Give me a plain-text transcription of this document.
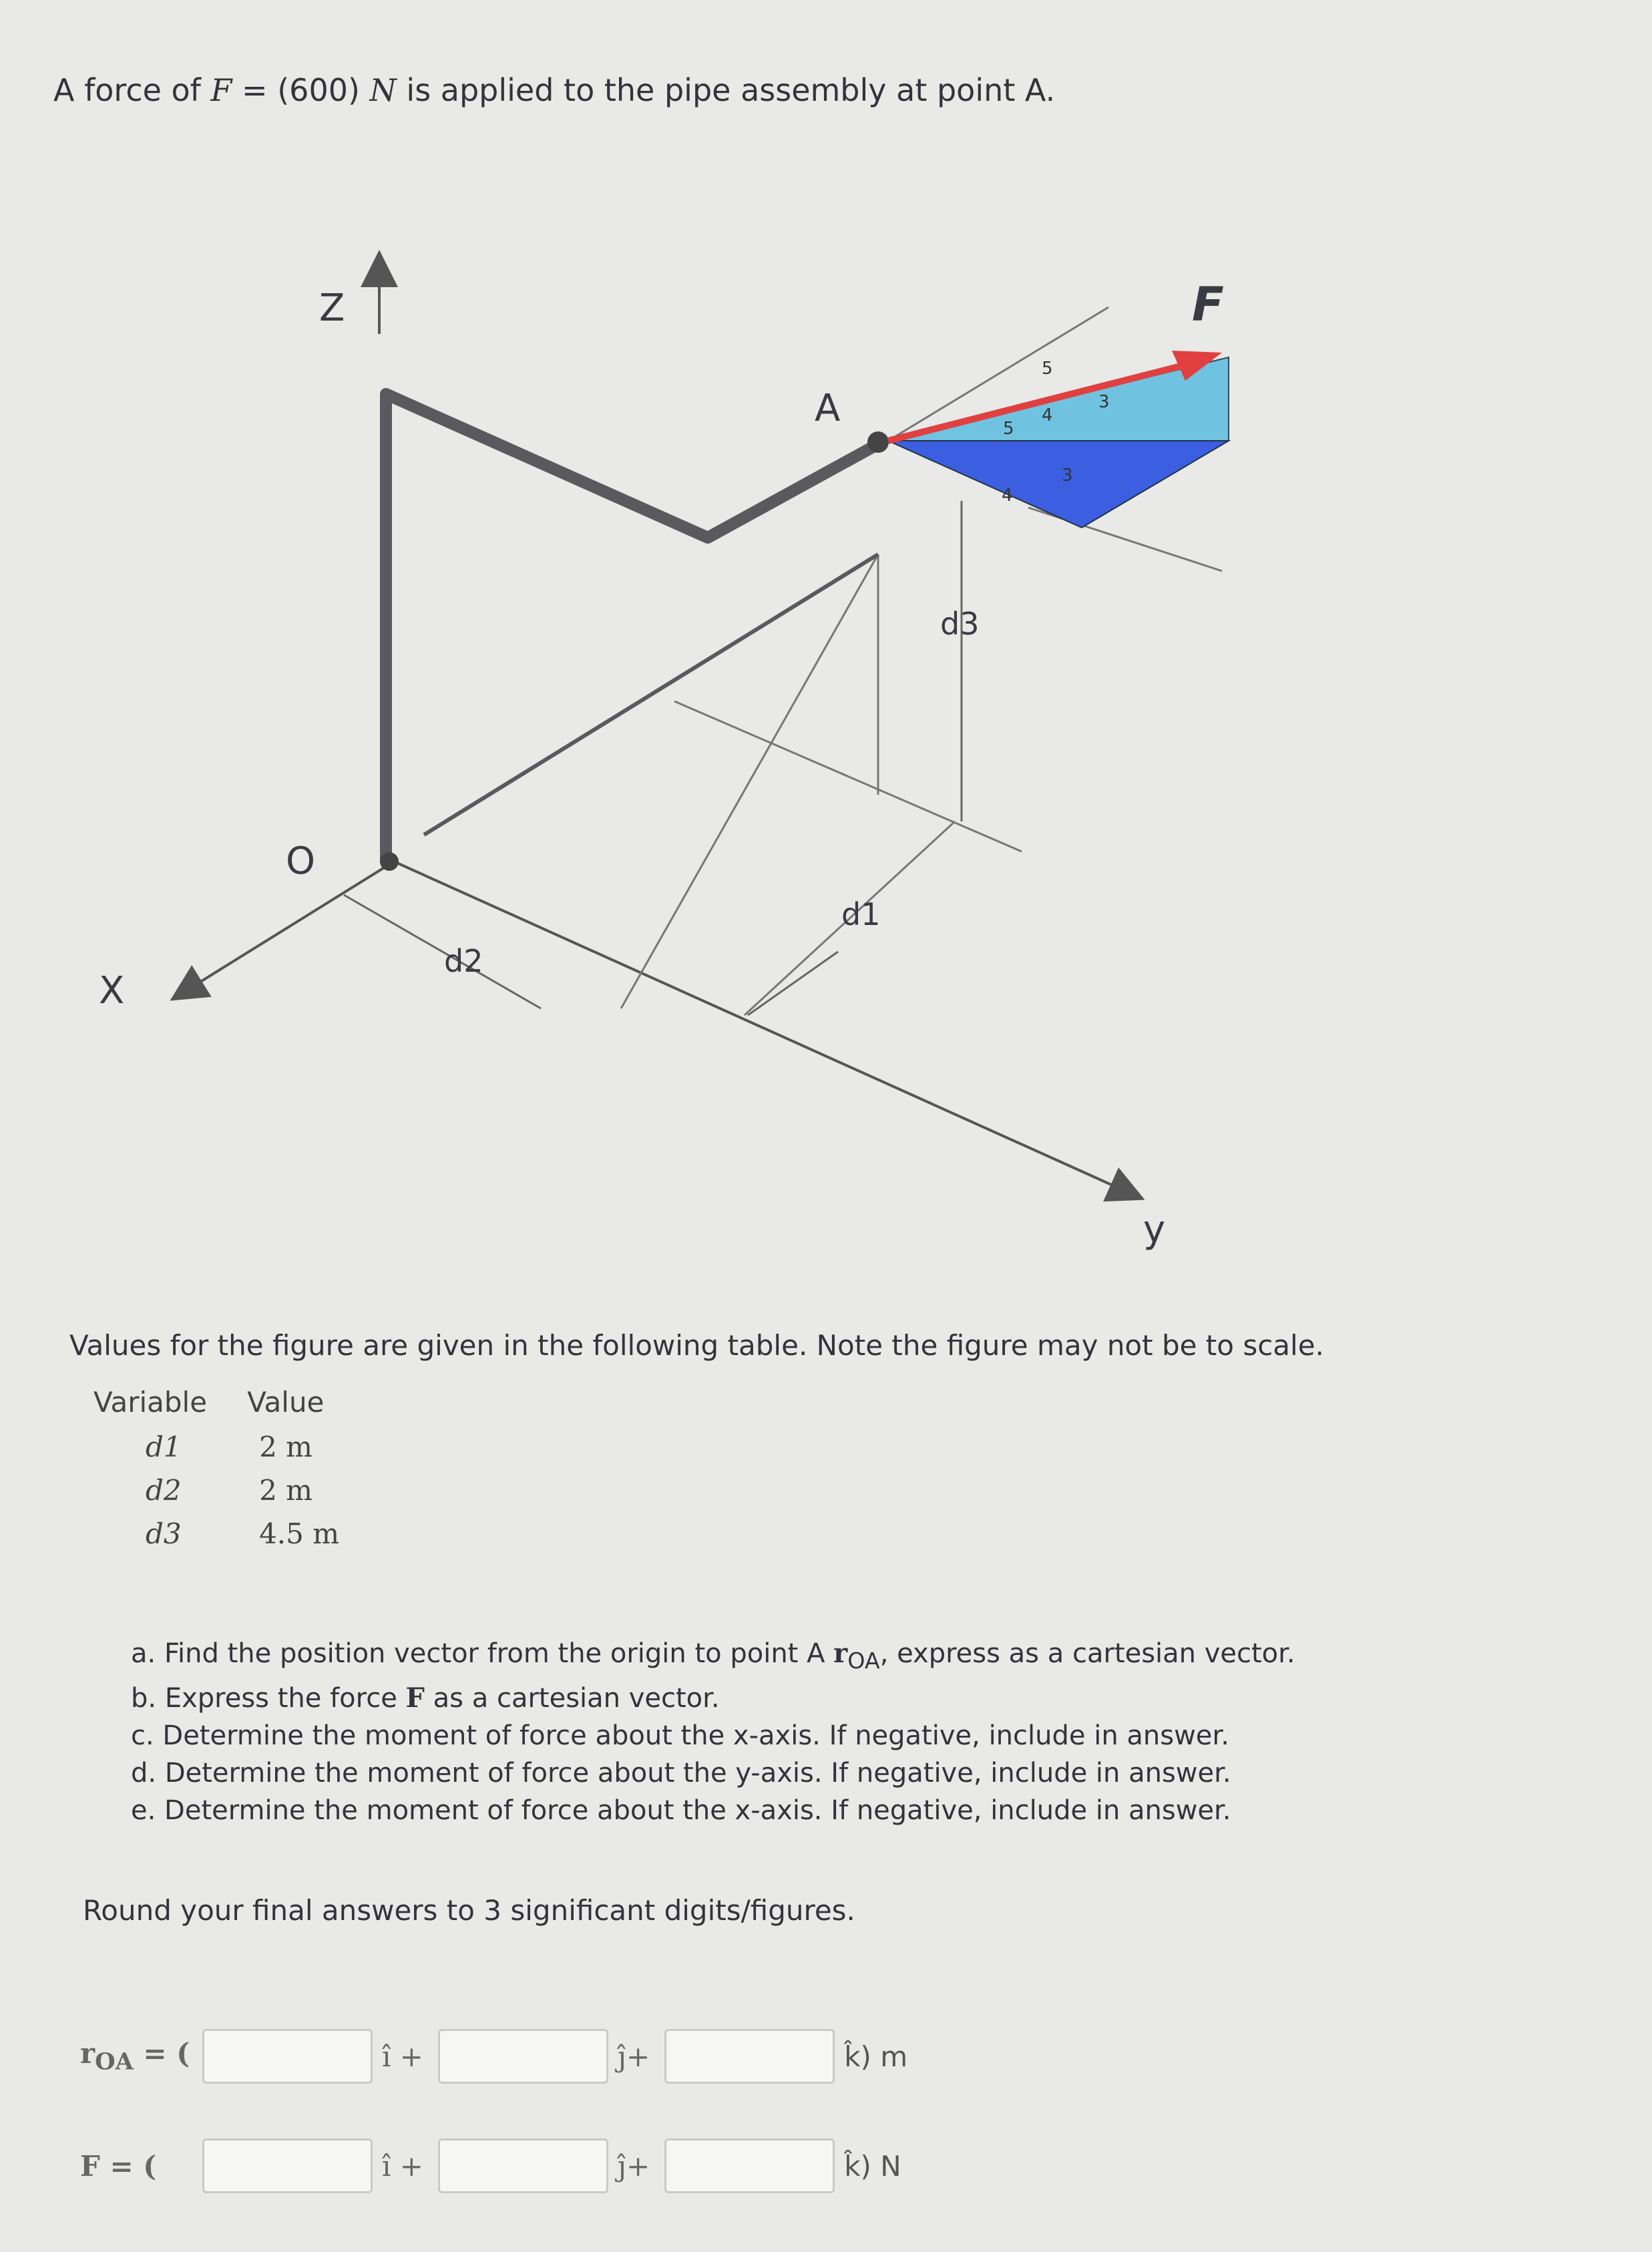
A force of F = (600) N is applied to the pipe assembly at point A.
Z
X
y
O
A
F
d1
d2
d3
5
4
3
5
4
3
Values for the figure are given in the following table. Note the figure may not be to scale.
Variable	Value
d1	2 m
d2	2 m
d3	4.5 m
a. Find the position vector from the origin to point A $r_{OA}$, express as a cartesian vector.
b. Express the force F as a cartesian vector.
c. Determine the moment of force about the x-axis. If negative, include in answer.
d. Determine the moment of force about the y-axis. If negative, include in answer.
e. Determine the moment of force about the x-axis. If negative, include in answer.
Round your final answers to 3 significant digits/figures.
$r_{OA}$ = (	î +	ĵ+	k̂) m
F = (	î +	ĵ+	k̂) N
